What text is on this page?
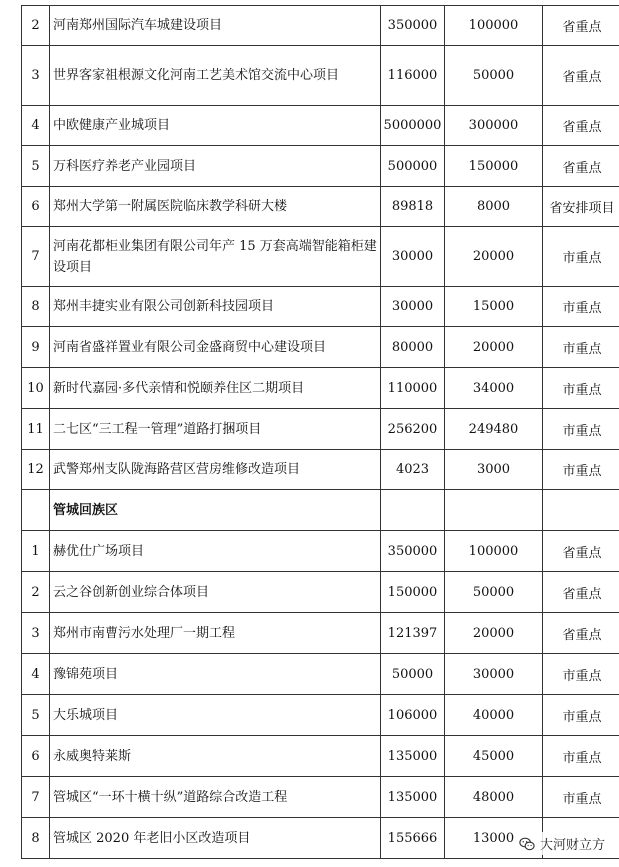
2	河南郑州国际汽车城建设项目	350000	100000	省重点
3	世界客家祖根源文化河南工艺美术馆交流中心项目	116000	50000	省重点
4	中欧健康产业城项目	5000000	300000	省重点
5	万科医疗养老产业园项目	500000	150000	省重点
6	郑州大学第一附属医院临床教学科研大楼	89818	8000	省安排项目
7	河南花都柜业集团有限公司年产 15 万套高端智能箱柜建设项目	30000	20000	市重点
8	郑州丰捷实业有限公司创新科技园项目	30000	15000	市重点
9	河南省盛祥置业有限公司金盛商贸中心建设项目	80000	20000	市重点
10	新时代嘉园·多代亲情和悦颐养住区二期项目	110000	34000	市重点
11	二七区“三工程一管理”道路打捆项目	256200	249480	市重点
12	武警郑州支队陇海路营区营房维修改造项目	4023	3000	市重点
	管城回族区			
1	赫优仕广场项目	350000	100000	省重点
2	云之谷创新创业综合体项目	150000	50000	省重点
3	郑州市南曹污水处理厂一期工程	121397	20000	省重点
4	豫锦苑项目	50000	30000	市重点
5	大乐城项目	106000	40000	市重点
6	永威奥特莱斯	135000	45000	市重点
7	管城区“一环十横十纵”道路综合改造工程	135000	48000	市重点
8	管城区 2020 年老旧小区改造项目	155666	13000	大河财立方
